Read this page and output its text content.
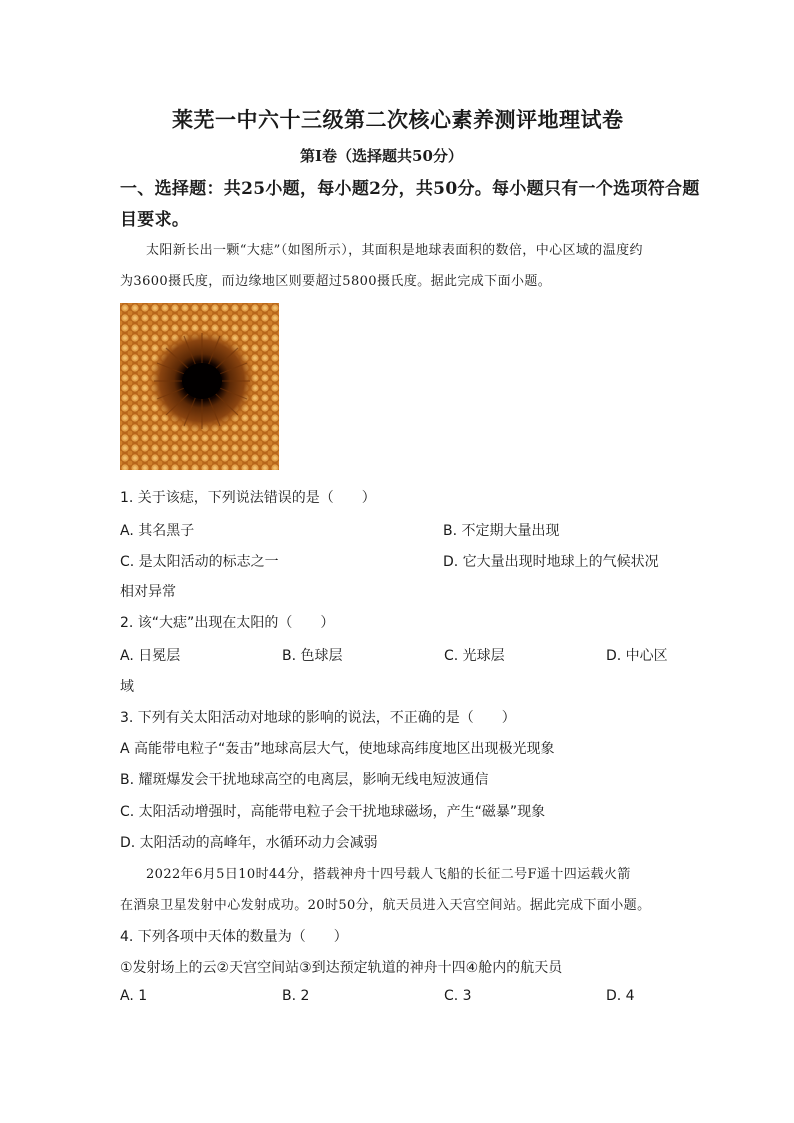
莱芜一中六十三级第二次核心素养测评地理试卷
第I卷（选择题共50分）
一、选择题：共25小题，每小题2分，共50分。每小题只有一个选项符合题
目要求。
太阳新长出一颗“大痣”（如图所示），其面积是地球表面积的数倍，中心区域的温度约
为3600摄氏度，而边缘地区则要超过5800摄氏度。据此完成下面小题。
1. 关于该痣，下列说法错误的是（　　）
A. 其名黑子	B. 不定期大量出现
C. 是太阳活动的标志之一	D. 它大量出现时地球上的气候状况
相对异常
2. 该“大痣”出现在太阳的（　　）
A. 日冕层	B. 色球层	C. 光球层	D. 中心区
域
3. 下列有关太阳活动对地球的影响的说法，不正确的是（　　）
A 高能带电粒子“轰击”地球高层大气，使地球高纬度地区出现极光现象
B. 耀斑爆发会干扰地球高空的电离层，影响无线电短波通信
C. 太阳活动增强时，高能带电粒子会干扰地球磁场，产生“磁暴”现象
D. 太阳活动的高峰年，水循环动力会减弱
2022年6月5日10时44分，搭载神舟十四号载人飞船的长征二号F遥十四运载火箭
在酒泉卫星发射中心发射成功。20时50分，航天员进入天宫空间站。据此完成下面小题。
4. 下列各项中天体的数量为（　　）
①发射场上的云②天宫空间站③到达预定轨道的神舟十四④舱内的航天员
A. 1	B. 2	C. 3	D. 4
